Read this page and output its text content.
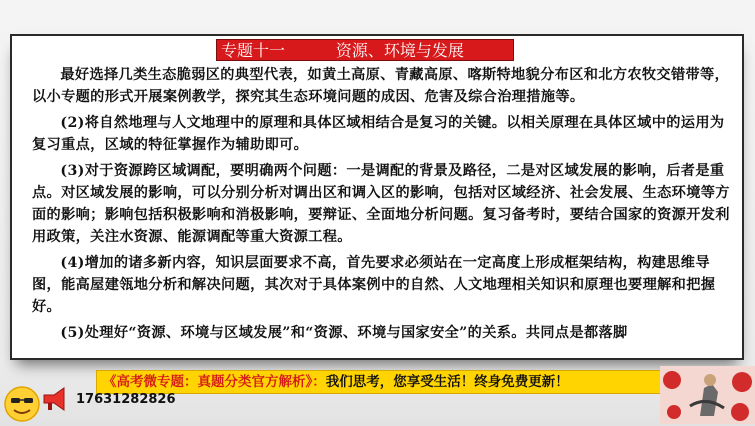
专题十一	资源、环境与发展

最好选择几类生态脆弱区的典型代表，如黄土高原、青藏高原、喀斯特地貌分布区和北方农牧交错带等，以小专题的形式开展案例教学，探究其生态环境问题的成因、危害及综合治理措施等。

(2)将自然地理与人文地理中的原理和具体区域相结合是复习的关键。以相关原理在具体区域中的运用为复习重点，区域的特征掌握作为辅助即可。

(3)对于资源跨区域调配，要明确两个问题：一是调配的背景及路径，二是对区域发展的影响，后者是重点。对区域发展的影响，可以分别分析对调出区和调入区的影响，包括对区域经济、社会发展、生态环境等方面的影响；影响包括积极影响和消极影响，要辩证、全面地分析问题。复习备考时，要结合国家的资源开发利用政策，关注水资源、能源调配等重大资源工程。

(4)增加的诸多新内容，知识层面要求不高，首先要求必须站在一定高度上形成框架结构，构建思维导图，能高屋建瓴地分析和解决问题，其次对于具体案例中的自然、人文地理相关知识和原理也要理解和把握好。

(5)处理好“资源、环境与区域发展”和“资源、环境与国家安全”的关系。共同点是都落脚

《高考微专题：真题分类官方解析》：我们思考，您享受生活！终身免费更新！
17631282826
